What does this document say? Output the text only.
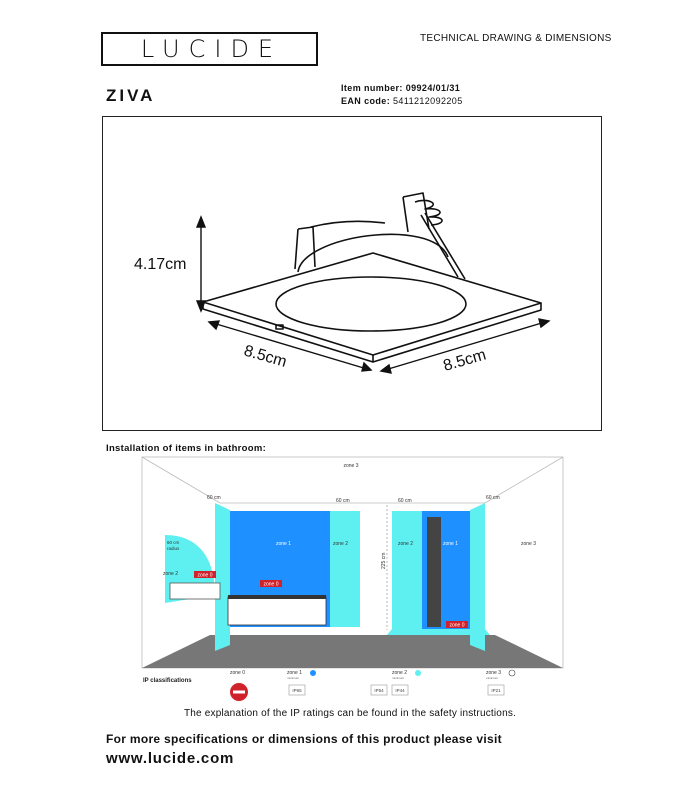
LUCIDE	TECHNICAL DRAWING & DIMENSIONS
ZIVA	Item number: 09924/01/31
EAN code: 5411212092205
4.17cm
8.5cm	8.5cm
Installation of items in bathroom:
zone 0
zone 0
zone 0
zone 3
60 cm	60 cm	60 cm	60 cm
60 cm
radius
zone 2
zone 1	zone 2	zone 2	zone 1	zone 3
225 cm
IP classifications
zone 0	zone 1
minimum
IP65
zone 2
minimum
IP54	IP44
zone 3
minimum
IP21
The explanation of the IP ratings can be found in the safety instructions.
For more specifications or dimensions of this product please visit
www.lucide.com
